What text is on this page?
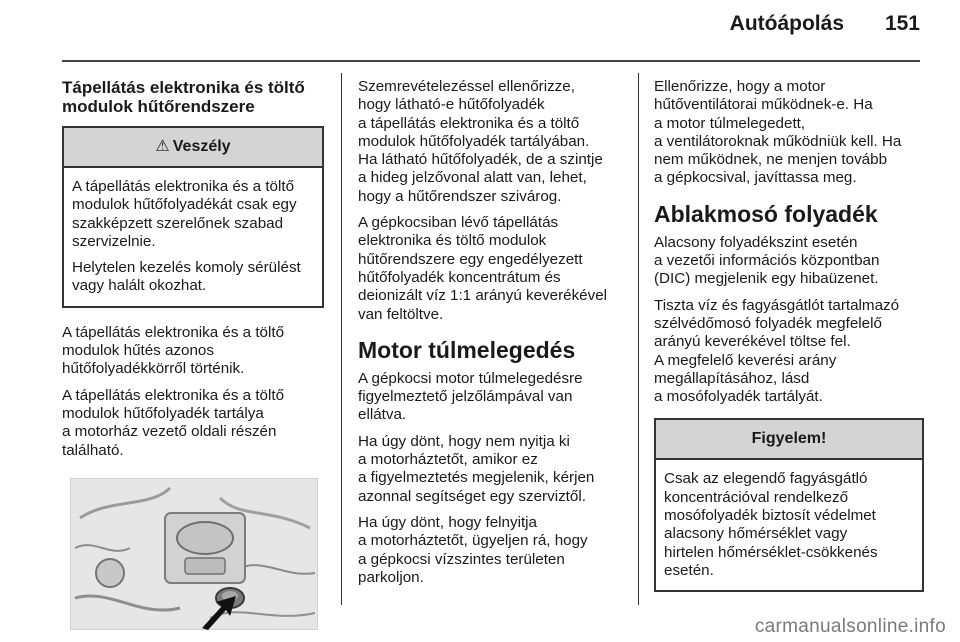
Autóápolás 151
Tápellátás elektronika és töltő
modulok hűtőrendszere
⚠ Veszély

A tápellátás elektronika és a töltő
modulok hűtőfolyadékát csak egy
szakképzett szerelőnek szabad
szervizelnie.

Helytelen kezelés komoly sérülést
vagy halált okozhat.

A tápellátás elektronika és a töltő
modulok hűtés azonos
hűtőfolyadékkörről történik.

A tápellátás elektronika és a töltő
modulok hűtőfolyadék tartálya
a motorház vezető oldali részén
található.

Szemrevételezéssel ellenőrizze,
hogy látható-e hűtőfolyadék
a tápellátás elektronika és a töltő
modulok hűtőfolyadék tartályában.
Ha látható hűtőfolyadék, de a szintje
a hideg jelzővonal alatt van, lehet,
hogy a hűtőrendszer szivárog.

A gépkocsiban lévő tápellátás
elektronika és töltő modulok
hűtőrendszere egy engedélyezett
hűtőfolyadék koncentrátum és
deionizált víz 1:1 arányú keverékével
van feltöltve.

Motor túlmelegedés

A gépkocsi motor túlmelegedésre
figyelmeztető jelzőlámpával van
ellátva.

Ha úgy dönt, hogy nem nyitja ki
a motorháztetőt, amikor ez
a figyelmeztetés megjelenik, kérjen
azonnal segítséget egy szerviztől.

Ha úgy dönt, hogy felnyitja
a motorháztetőt, ügyeljen rá, hogy
a gépkocsi vízszintes területen
parkoljon.

Ellenőrizze, hogy a motor
hűtőventilátorai működnek-e. Ha
a motor túlmelegedett,
a ventilátoroknak működniük kell. Ha
nem működnek, ne menjen tovább
a gépkocsival, javíttassa meg.

Ablakmosó folyadék

Alacsony folyadékszint esetén
a vezetői információs központban
(DIC) megjelenik egy hibaüzenet.

Tiszta víz és fagyásgátlót tartalmazó
szélvédőmosó folyadék megfelelő
arányú keverékével töltse fel.
A megfelelő keverési arány
megállapításához, lásd
a mosófolyadék tartályát.

Figyelem!

Csak az elegendő fagyásgátló
koncentrációval rendelkező
mosófolyadék biztosít védelmet
alacsony hőmérséklet vagy
hirtelen hőmérséklet-csökkenés
esetén.

carmanualsonline.info
